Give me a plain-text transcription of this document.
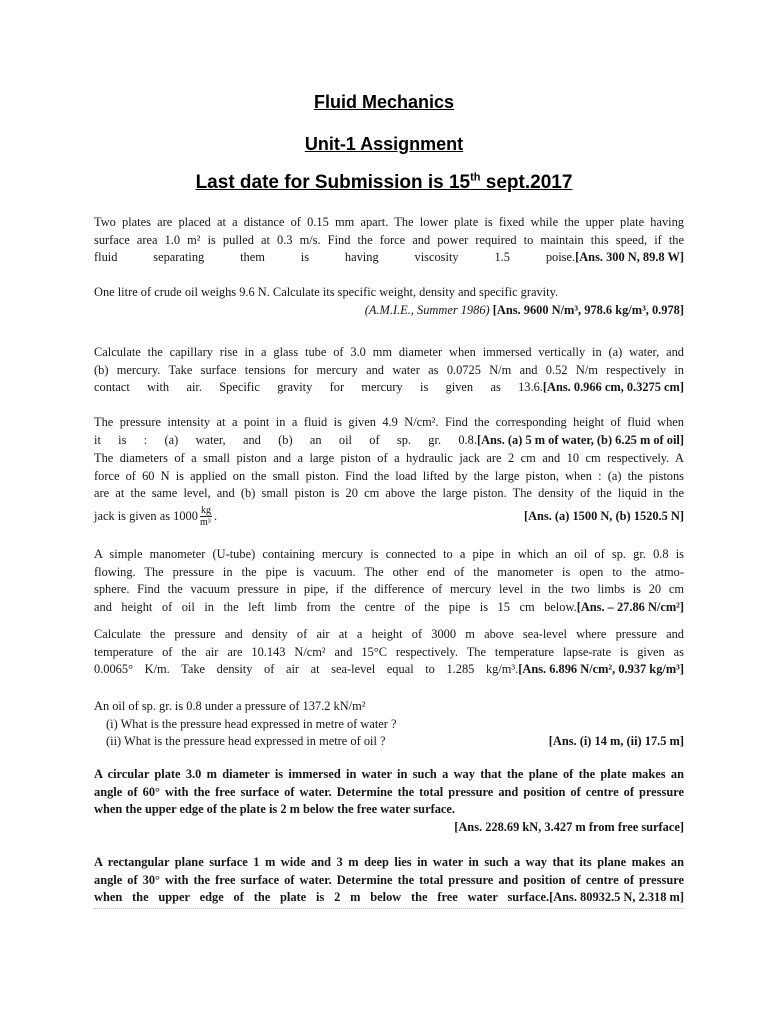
Fluid Mechanics
Unit-1 Assignment
Last date for Submission is 15th sept.2017
Two plates are placed at a distance of 0.15 mm apart. The lower plate is fixed while the upper plate having
surface area 1.0 m² is pulled at 0.3 m/s. Find the force and power required to maintain this speed, if the
fluid separating them is having viscosity 1.5 poise. [Ans. 300 N, 89.8 W]
One litre of crude oil weighs 9.6 N. Calculate its specific weight, density and specific gravity.
(A.M.I.E., Summer 1986) [Ans. 9600 N/m³, 978.6 kg/m³, 0.978]
Calculate the capillary rise in a glass tube of 3.0 mm diameter when immersed vertically in (a) water, and
(b) mercury. Take surface tensions for mercury and water as 0.0725 N/m and 0.52 N/m respectively in
contact with air. Specific gravity for mercury is given as 13.6. [Ans. 0.966 cm, 0.3275 cm]
The pressure intensity at a point in a fluid is given 4.9 N/cm². Find the corresponding height of fluid when
it is : (a) water, and (b) an oil of sp. gr. 0.8. [Ans. (a) 5 m of water, (b) 6.25 m of oil]
The diameters of a small piston and a large piston of a hydraulic jack are 2 cm and 10 cm respectively. A
force of 60 N is applied on the small piston. Find the load lifted by the large piston, when : (a) the pistons
are at the same level, and (b) small piston is 20 cm above the large piston. The density of the liquid in the
jack is given as $1000 \frac{kg}{\text{m³}}$ .	[Ans. (a) 1500 N, (b) 1520.5 N]
A simple manometer (U-tube) containing mercury is connected to a pipe in which an oil of sp. gr. 0.8 is
flowing. The pressure in the pipe is vacuum. The other end of the manometer is open to the atmo-
sphere. Find the vacuum pressure in pipe, if the difference of mercury level in the two limbs is 20 cm
and height of oil in the left limb from the centre of the pipe is 15 cm below. [Ans. – 27.86 N/cm²]
Calculate the pressure and density of air at a height of 3000 m above sea-level where pressure and
temperature of the air are 10.143 N/cm² and 15°C respectively. The temperature lapse-rate is given as
0.0065° K/m. Take density of air at sea-level equal to 1.285 kg/m³. [Ans. 6.896 N/cm², 0.937 kg/m³]
An oil of sp. gr. is 0.8 under a pressure of 137.2 kN/m²
(i) What is the pressure head expressed in metre of water ?
(ii) What is the pressure head expressed in metre of oil ?	[Ans. (i) 14 m, (ii) 17.5 m]
A circular plate 3.0 m diameter is immersed in water in such a way that the plane of the plate makes an
angle of 60° with the free surface of water. Determine the total pressure and position of centre of pressure
when the upper edge of the plate is 2 m below the free water surface.
[Ans. 228.69 kN, 3.427 m from free surface]
A rectangular plane surface 1 m wide and 3 m deep lies in water in such a way that its plane makes an
angle of 30° with the free surface of water. Determine the total pressure and position of centre of pressure
when the upper edge of the plate is 2 m below the free water surface. [Ans. 80932.5 N, 2.318 m]
